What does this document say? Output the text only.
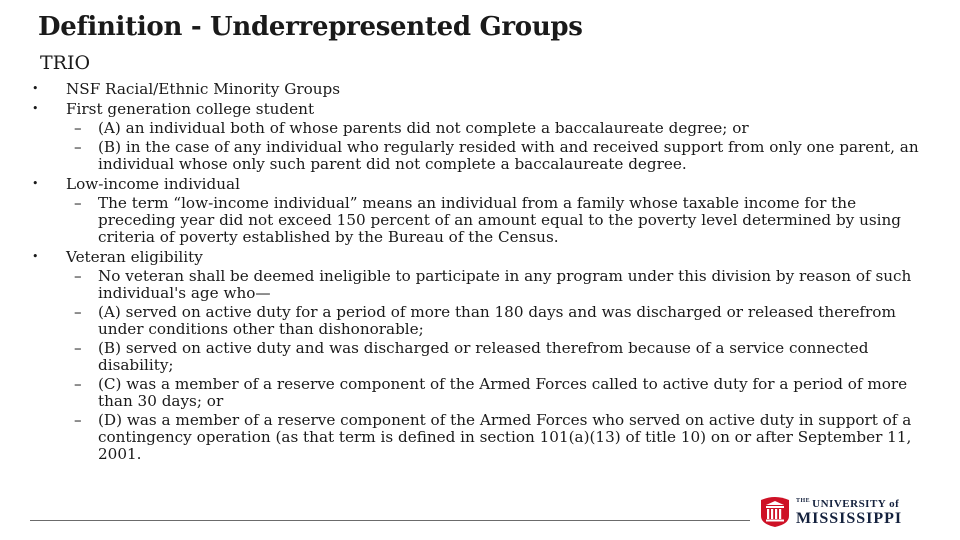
Definition - Underrepresented Groups
TRIO
• NSF Racial/Ethnic Minority Groups
• First generation college student
– (A) an individual both of whose parents did not complete a baccalaureate degree; or
– (B) in the case of any individual who regularly resided with and received support from only one parent, an individual whose only such parent did not complete a baccalaureate degree.
• Low-income individual
– The term “low-income individual” means an individual from a family whose taxable income for the preceding year did not exceed 150 percent of an amount equal to the poverty level determined by using criteria of poverty established by the Bureau of the Census.
• Veteran eligibility
– No veteran shall be deemed ineligible to participate in any program under this division by reason of such individual's age who—
– (A) served on active duty for a period of more than 180 days and was discharged or released therefrom under conditions other than dishonorable;
– (B) served on active duty and was discharged or released therefrom because of a service connected disability;
– (C) was a member of a reserve component of the Armed Forces called to active duty for a period of more than 30 days; or
– (D) was a member of a reserve component of the Armed Forces who served on active duty in support of a contingency operation (as that term is defined in section 101(a)(13) of title 10) on or after September 11, 2001.
$^{THE}$ UNIVERSITY of
MISSISSIPPI
